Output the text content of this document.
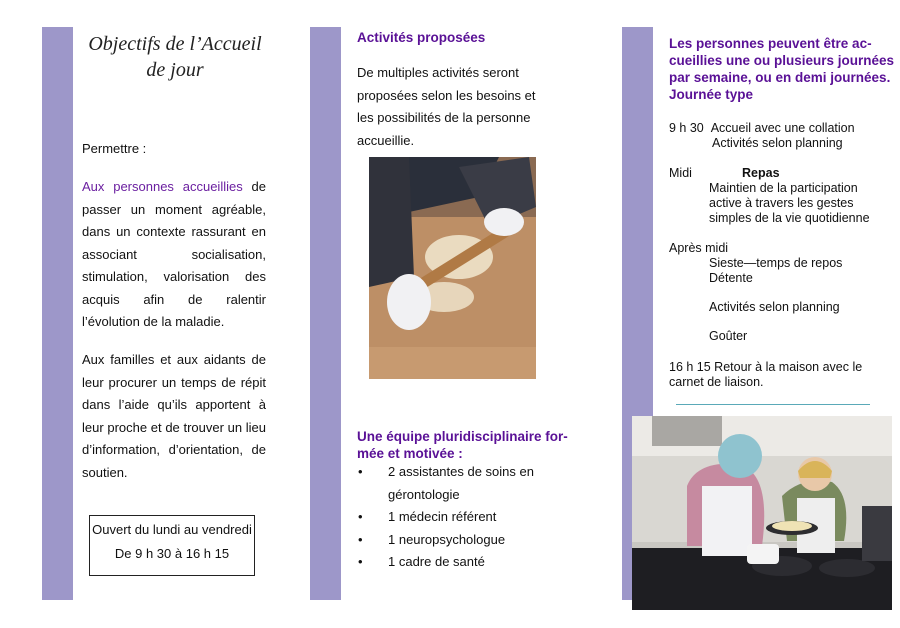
Objectifs de l’Accueil
de jour
Permettre :
Aux personnes accueillies de passer un moment agréable, dans un contexte rassurant en associant socialisation, stimulation, valorisation des acquis afin de ralentir l’évolution de la maladie.
Aux familles et aux aidants de leur procurer un temps de répit dans l’aide qu’ils apportent à leur proche et de trouver un lieu d’information, d’orientation, de soutien.
Ouvert du lundi au vendredi
De 9 h 30 à 16 h 15
Activités proposées
De multiples activités seront proposées selon les besoins et les possibilités de la personne accueillie.
Une équipe pluridisciplinaire for-
mée et motivée :
• 2 assistantes de soins en
gérontologie
• 1 médecin référent
• 1 neuropsychologue
• 1 cadre de santé
Les personnes peuvent être ac-
cueillies une ou plusieurs journées
par semaine, ou en demi journées.
Journée type
9 h 30 Accueil avec une collation
Activités selon planning
Midi	Repas
Maintien de la participation
active à travers les gestes
simples de la vie quotidienne
Après midi
Sieste—temps de repos
Détente
Activités selon planning
Goûter
16 h 15 Retour à la maison avec le
carnet de liaison.
